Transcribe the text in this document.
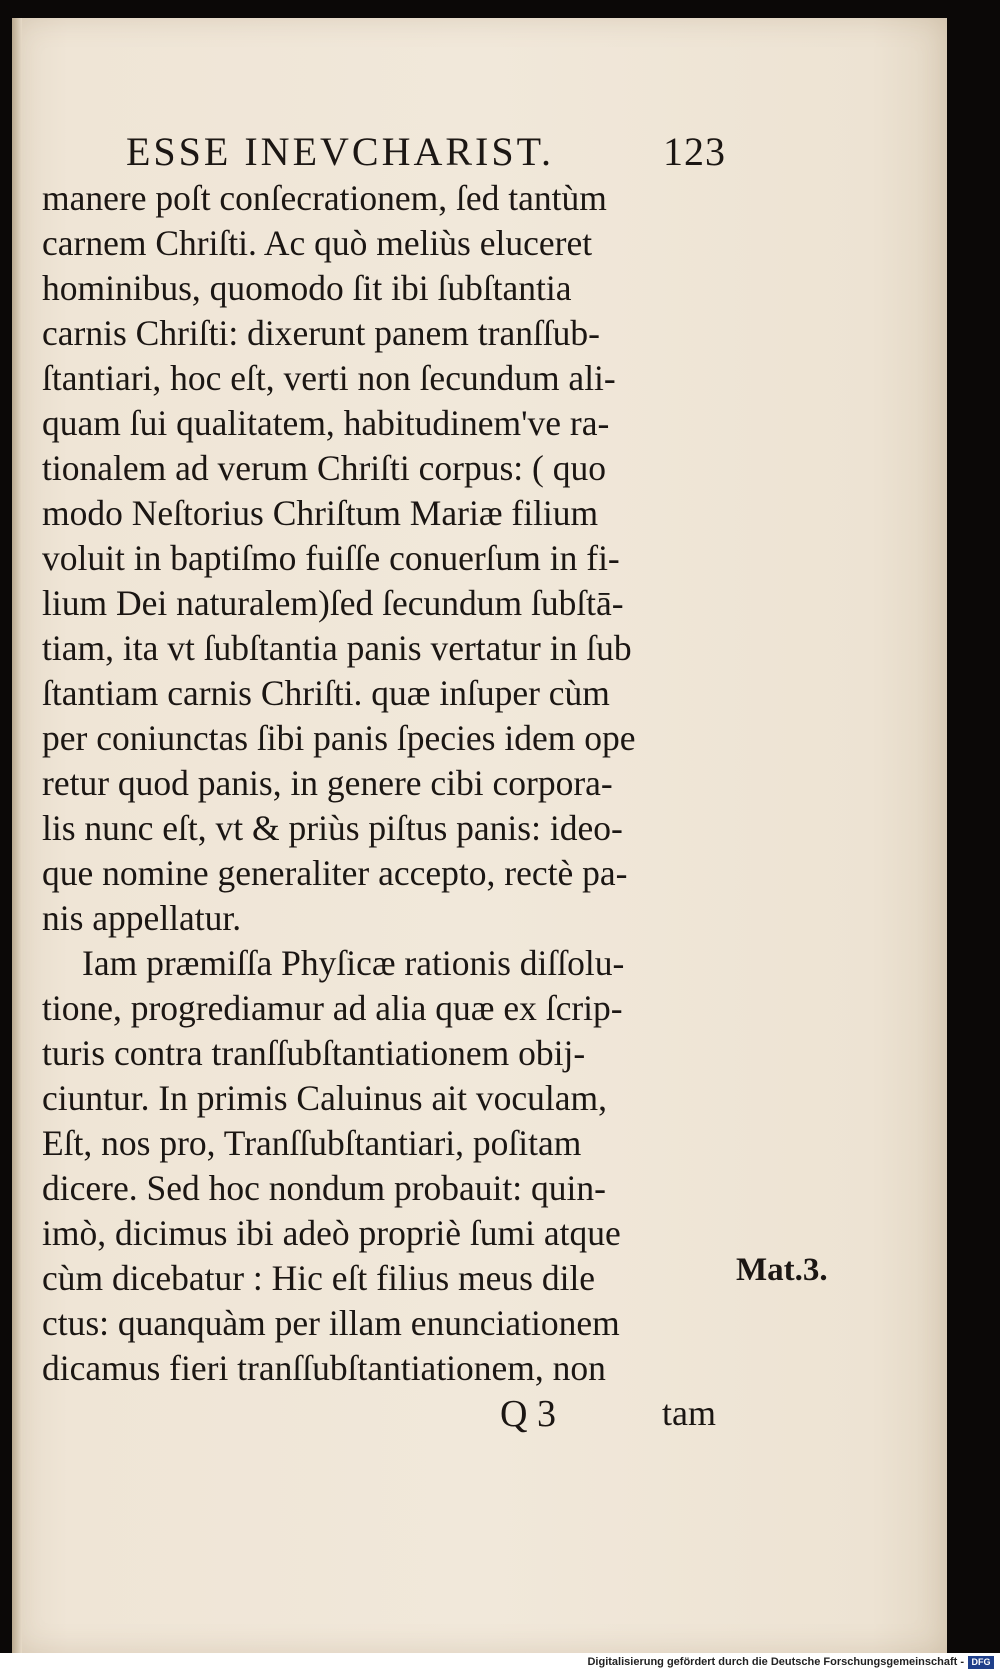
ESSE INEVCHARIST.	123
manere poſt conſecrationem, ſed tantùm
carnem Chriſti. Ac quò meliùs eluceret
hominibus, quomodo ſit ibi ſubſtantia
carnis Chriſti: dixerunt panem tranſſub-
ſtantiari, hoc eſt, verti non ſecundum ali-
quam ſui qualitatem, habitudinem've ra-
tionalem ad verum Chriſti corpus: ( quo
modo Neſtorius Chriſtum Mariæ filium
voluit in baptiſmo fuiſſe conuerſum in fi-
lium Dei naturalem)ſed ſecundum ſubſtā-
tiam, ita vt ſubſtantia panis vertatur in ſub
ſtantiam carnis Chriſti. quæ inſuper cùm
per coniunctas ſibi panis ſpecies idem ope
retur quod panis, in genere cibi corpora-
lis nunc eſt, vt & priùs piſtus panis: ideo-
que nomine generaliter accepto, rectè pa-
nis appellatur.
Iam præmiſſa Phyſicæ rationis diſſolu-
tione, progrediamur ad alia quæ ex ſcrip-
turis contra tranſſubſtantiationem obij-
ciuntur. In primis Caluinus ait voculam,
Eſt, nos pro, Tranſſubſtantiari, poſitam
dicere. Sed hoc nondum probauit: quin-
imò, dicimus ibi adeò propriè ſumi atque
cùm dicebatur : Hic eſt filius meus dile
ctus: quanquàm per illam enunciationem
dicamus fieri tranſſubſtantiationem, non
Mat.3.
Q 3	tam
Digitalisierung gefördert durch die Deutsche Forschungsgemeinschaft - DFG
